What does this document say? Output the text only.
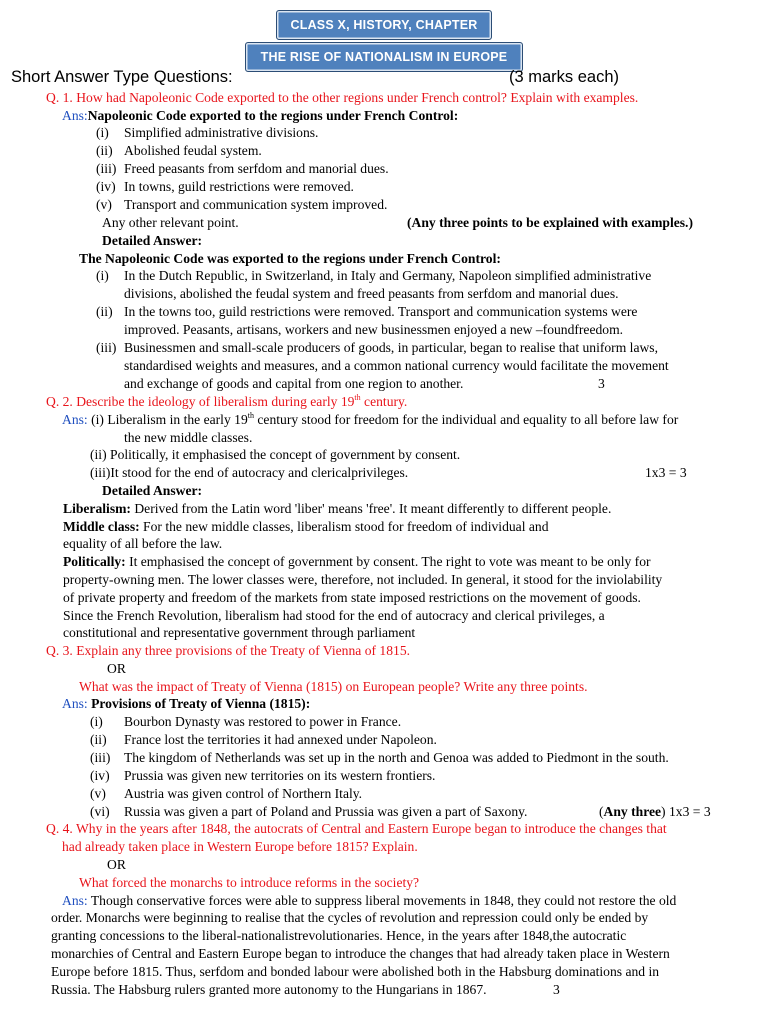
CLASS X, HISTORY, CHAPTER
THE RISE OF NATIONALISM IN EUROPE
Short Answer Type Questions:	(3 marks each)
Q. 1. How had Napoleonic Code exported to the other regions under French control? Explain with examples.
Ans:Napoleonic Code exported to the regions under French Control:
(i) Simplified administrative divisions.
(ii) Abolished feudal system.
(iii) Freed peasants from serfdom and manorial dues.
(iv) In towns, guild restrictions were removed.
(v) Transport and communication system improved.
Any other relevant point.	(Any three points to be explained with examples.)
Detailed Answer:
The Napoleonic Code was exported to the regions under French Control:
(i) In the Dutch Republic, in Switzerland, in Italy and Germany, Napoleon simplified administrative
divisions, abolished the feudal system and freed peasants from serfdom and manorial dues.
(ii) In the towns too, guild restrictions were removed. Transport and communication systems were
improved. Peasants, artisans, workers and new businessmen enjoyed a new –foundfreedom.
(iii) Businessmen and small-scale producers of goods, in particular, began to realise that uniform laws,
standardised weights and measures, and a common national currency would facilitate the movement
and exchange of goods and capital from one region to another.	3
Q. 2. Describe the ideology of liberalism during early 19th century.
Ans: (i) Liberalism in the early 19th century stood for freedom for the individual and equality to all before law for
the new middle classes.
(ii) Politically, it emphasised the concept of government by consent.
(iii)It stood for the end of autocracy and clericalprivileges.	1x3 = 3
Detailed Answer:
Liberalism: Derived from the Latin word 'liber' means 'free'. It meant differently to different people.
Middle class: For the new middle classes, liberalism stood for freedom of individual and
equality of all before the law.
Politically: It emphasised the concept of government by consent. The right to vote was meant to be only for
property-owning men. The lower classes were, therefore, not included. In general, it stood for the inviolability
of private property and freedom of the markets from state imposed restrictions on the movement of goods.
Since the French Revolution, liberalism had stood for the end of autocracy and clerical privileges, a
constitutional and representative government through parliament
Q. 3. Explain any three provisions of the Treaty of Vienna of 1815.
OR
What was the impact of Treaty of Vienna (1815) on European people? Write any three points.
Ans: Provisions of Treaty of Vienna (1815):
(i) Bourbon Dynasty was restored to power in France.
(ii) France lost the territories it had annexed under Napoleon.
(iii) The kingdom of Netherlands was set up in the north and Genoa was added to Piedmont in the south.
(iv) Prussia was given new territories on its western frontiers.
(v) Austria was given control of Northern Italy.
(vi) Russia was given a part of Poland and Prussia was given a part of Saxony.	(Any three) 1x3 = 3
Q. 4. Why in the years after 1848, the autocrats of Central and Eastern Europe began to introduce the changes that
had already taken place in Western Europe before 1815? Explain.
OR
What forced the monarchs to introduce reforms in the society?
Ans: Though conservative forces were able to suppress liberal movements in 1848, they could not restore the old
order. Monarchs were beginning to realise that the cycles of revolution and repression could only be ended by
granting concessions to the liberal-nationalistrevolutionaries. Hence, in the years after 1848,the autocratic
monarchies of Central and Eastern Europe began to introduce the changes that had already taken place in Western
Europe before 1815. Thus, serfdom and bonded labour were abolished both in the Habsburg dominations and in
Russia. The Habsburg rulers granted more autonomy to the Hungarians in 1867.	3
